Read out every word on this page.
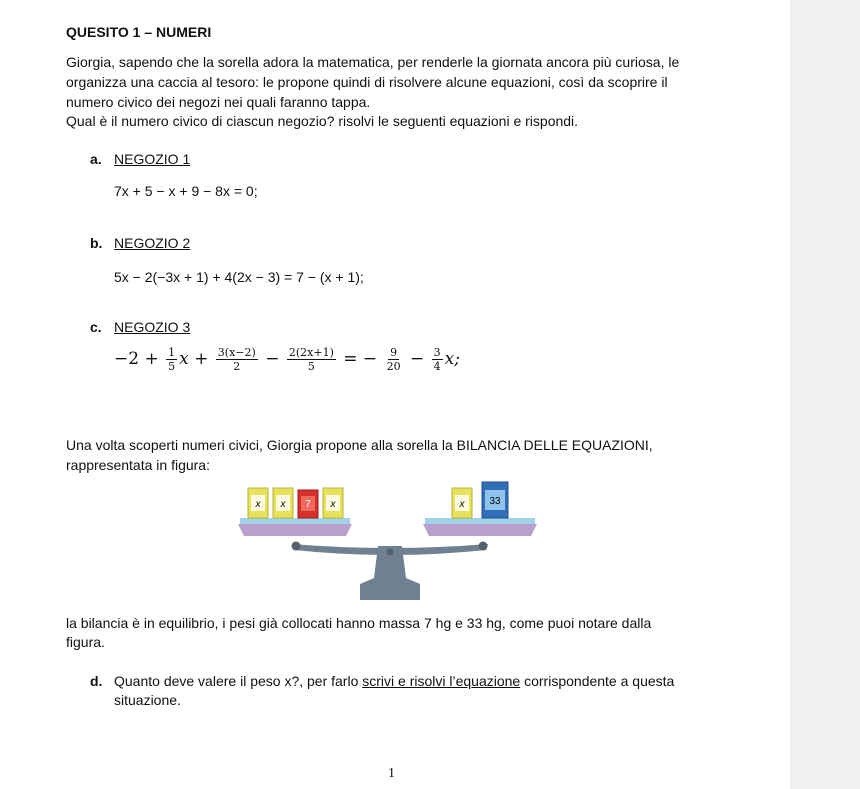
QUESITO 1 – NUMERI
Giorgia, sapendo che la sorella adora la matematica, per renderle la giornata ancora più curiosa, le
organizza una caccia al tesoro: le propone quindi di risolvere alcune equazioni, così da scoprire il
numero civico dei negozi nei quali faranno tappa.
Qual è il numero civico di ciascun negozio? risolvi le seguenti equazioni e rispondi.
a. NEGOZIO 1
7x + 5 − x + 9 − 8x = 0;
b. NEGOZIO 2
5x − 2(−3x + 1) + 4(2x − 3) = 7 − (x + 1);
c. NEGOZIO 3
$-2 + \frac{1}{5}$ $x + \frac{3(x-2)}{2} - \frac{2(2x+1)}{5}$ = − $\frac{9}{20} - \frac{3}{4} x$;
Una volta scoperti numeri civici, Giorgia propone alla sorella la BILANCIA DELLE EQUAZIONI,
rappresentata in figura:
x x 7 x	x 33
la bilancia è in equilibrio, i pesi già collocati hanno massa 7 hg e 33 hg, come puoi notare dalla
figura.
d. Quanto deve valere il peso x?, per farlo scrivi e risolvi l’equazione corrispondente a questa
situazione.
1
